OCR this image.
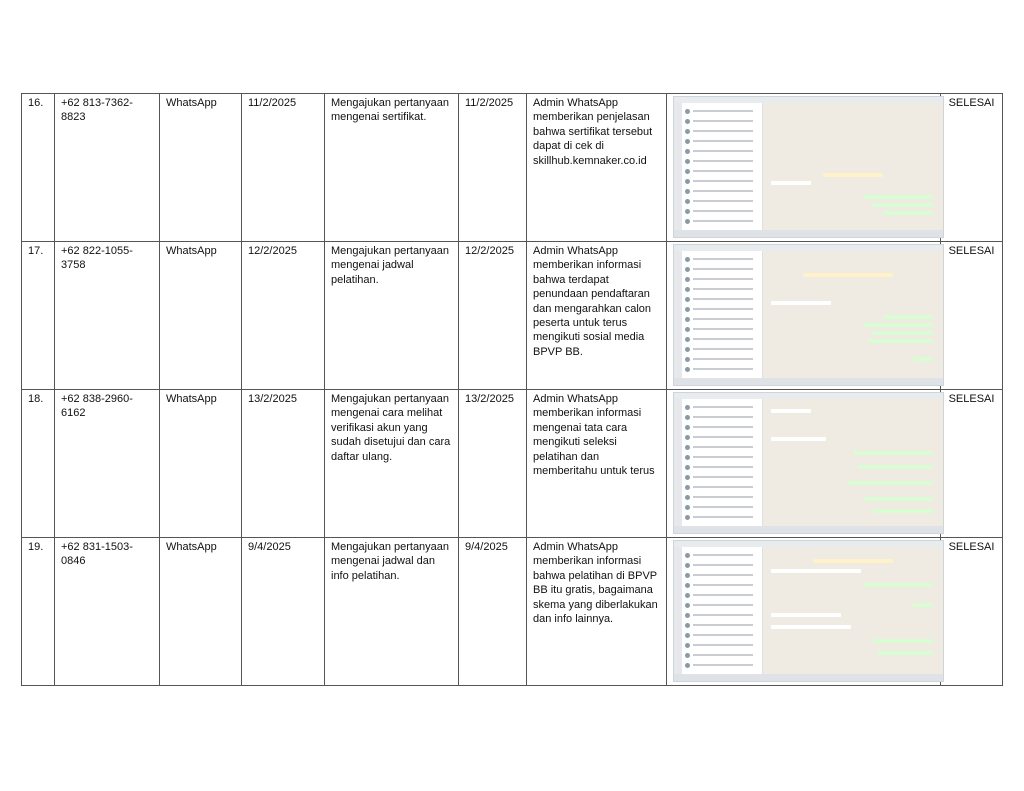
16.	+62 813-7362-8823	WhatsApp	11/2/2025	Mengajukan pertanyaan mengenai sertifikat.	11/2/2025	Admin WhatsApp memberikan penjelasan bahwa sertifikat tersebut dapat di cek di skillhub.kemnaker.co.id		SELESAI
17.	+62 822-1055-3758	WhatsApp	12/2/2025	Mengajukan pertanyaan mengenai jadwal pelatihan.	12/2/2025	Admin WhatsApp memberikan informasi bahwa terdapat penundaan pendaftaran dan mengarahkan calon peserta untuk terus mengikuti sosial media BPVP BB.		SELESAI
18.	+62 838-2960-6162	WhatsApp	13/2/2025	Mengajukan pertanyaan mengenai cara melihat verifikasi akun yang sudah disetujui dan cara daftar ulang.	13/2/2025	Admin WhatsApp memberikan informasi mengenai tata cara mengikuti seleksi pelatihan dan memberitahu untuk terus		SELESAI
19.	+62 831-1503-0846	WhatsApp	9/4/2025	Mengajukan pertanyaan mengenai jadwal dan info pelatihan.	9/4/2025	Admin WhatsApp memberikan informasi bahwa pelatihan di BPVP BB itu gratis, bagaimana skema yang diberlakukan dan info lainnya.		SELESAI
